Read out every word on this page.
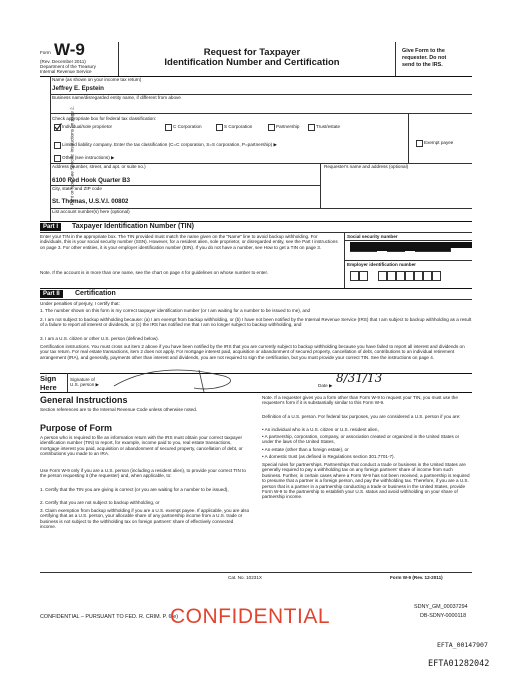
Form W-9
(Rev. December 2011)
Department of the Treasury
Internal Revenue Service
Request for Taxpayer
Identification Number and Certification
Give Form to the
requester. Do not
send to the IRS.
Print or type See Specific Instructions on page 2.
Name (as shown on your income tax return)
Jeffrey E. Epstein
Business name/disregarded entity name, if different from above
Check appropriate box for federal tax classification:
Individual/sole proprietor	C Corporation	S Corporation	Partnership	Trust/estate
Limited liability company. Enter the tax classification (C=C corporation, S=S corporation, P=partnership) ▶	Exempt payee
Other (see instructions) ▶
Address (number, street, and apt. or suite no.)
6100 Red Hook Quarter B3
Requester's name and address (optional)
City, state, and ZIP code
St. Thomas, U.S.V.I. 00802
List account number(s) here (optional)
Part I	Taxpayer Identification Number (TIN)
Enter your TIN in the appropriate box. The TIN provided must match the name given on the "Name" line to avoid backup withholding. For individuals, this is your social security number (SSN). However, for a resident alien, sole proprietor, or disregarded entity, see the Part I instructions on page 3. For other entities, it is your employer identification number (EIN). If you do not have a number, see How to get a TIN on page 3.
Note. If the account is in more than one name, see the chart on page 4 for guidelines on whose number to enter.
Social security number
Employer identification number
Part II	Certification
Under penalties of perjury, I certify that:
1. The number shown on this form is my correct taxpayer identification number (or I am waiting for a number to be issued to me), and
2. I am not subject to backup withholding because: (a) I am exempt from backup withholding, or (b) I have not been notified by the Internal Revenue Service (IRS) that I am subject to backup withholding as a result of a failure to report all interest or dividends, or (c) the IRS has notified me that I am no longer subject to backup withholding, and
3. I am a U.S. citizen or other U.S. person (defined below).
Certification instructions. You must cross out item 2 above if you have been notified by the IRS that you are currently subject to backup withholding because you have failed to report all interest and dividends on your tax return. For real estate transactions, item 2 does not apply. For mortgage interest paid, acquisition or abandonment of secured property, cancellation of debt, contributions to an individual retirement arrangement (IRA), and generally, payments other than interest and dividends, you are not required to sign the certification, but you must provide your correct TIN. See the instructions on page 4.
Sign Here
Signature of U.S. person ▶	Date ▶
8/31/13
General Instructions
Section references are to the Internal Revenue Code unless otherwise noted.
Purpose of Form
A person who is required to file an information return with the IRS must obtain your correct taxpayer identification number (TIN) to report, for example, income paid to you, real estate transactions, mortgage interest you paid, acquisition or abandonment of secured property, cancellation of debt, or contributions you made to an IRA.
Use Form W-9 only if you are a U.S. person (including a resident alien), to provide your correct TIN to the person requesting it (the requester) and, when applicable, to:
1. Certify that the TIN you are giving is correct (or you are waiting for a number to be issued),
2. Certify that you are not subject to backup withholding, or
3. Claim exemption from backup withholding if you are a U.S. exempt payee. If applicable, you are also certifying that as a U.S. person, your allocable share of any partnership income from a U.S. trade or business is not subject to the withholding tax on foreign partners' share of effectively connected income.
Note. If a requester gives you a form other than Form W-9 to request your TIN, you must use the requester's form if it is substantially similar to this Form W-9.
Definition of a U.S. person. For federal tax purposes, you are considered a U.S. person if you are:
• An individual who is a U.S. citizen or U.S. resident alien,
• A partnership, corporation, company, or association created or organized in the United States or under the laws of the United States,
• An estate (other than a foreign estate), or
• A domestic trust (as defined in Regulations section 301.7701-7).
Special rules for partnerships. Partnerships that conduct a trade or business in the United States are generally required to pay a withholding tax on any foreign partners' share of income from such business. Further, in certain cases where a Form W-9 has not been received, a partnership is required to presume that a partner is a foreign person, and pay the withholding tax. Therefore, if you are a U.S. person that is a partner in a partnership conducting a trade or business in the United States, provide Form W-9 to the partnership to establish your U.S. status and avoid withholding on your share of partnership income.
Cat. No. 10231X	Form W-9 (Rev. 12-2011)
SDNY_GM_00037294
DB-SDNY-0000118
CONFIDENTIAL – PURSUANT TO FED. R. CRIM. P. 6(e)
CONFIDENTIAL
EFTA_00147907
EFTA01282042
